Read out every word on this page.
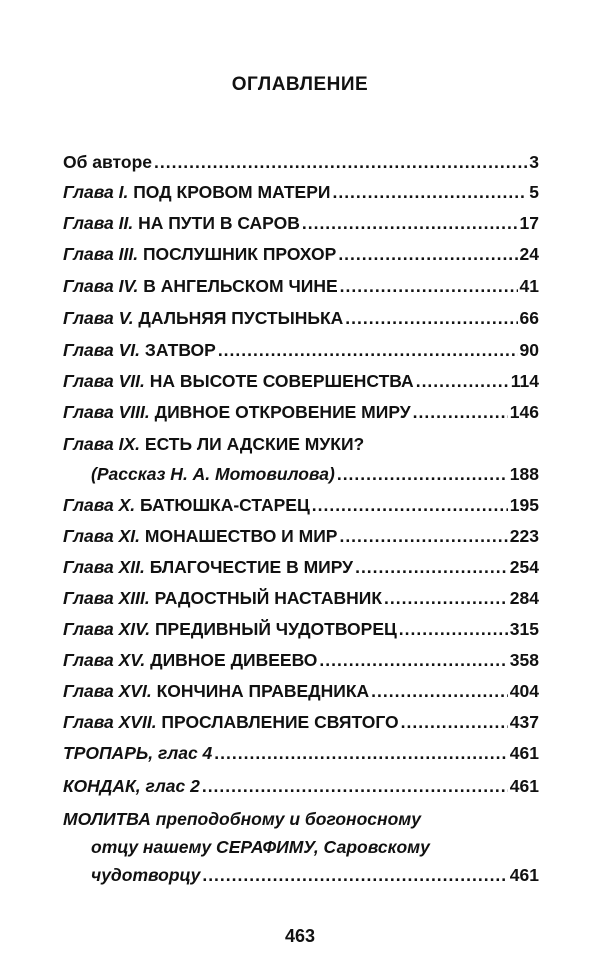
ОГЛАВЛЕНИЕ
Об авторе .....	3
Глава I. ПОД КРОВОМ МАТЕРИ .....	5
Глава II. НА ПУТИ В САРОВ .....	17
Глава III. ПОСЛУШНИК ПРОХОР .....	24
Глава IV. В АНГЕЛЬСКОМ ЧИНЕ .....	41
Глава V. ДАЛЬНЯЯ ПУСТЫНЬКА .....	66
Глава VI. ЗАТВОР .....	90
Глава VII. НА ВЫСОТЕ СОВЕРШЕНСТВА .....	114
Глава VIII. ДИВНОЕ ОТКРОВЕНИЕ МИРУ .....	146
Глава IX. ЕСТЬ ЛИ АДСКИЕ МУКИ?
(Рассказ Н. А. Мотовилова) .....	188
Глава X. БАТЮШКА-СТАРЕЦ .....	195
Глава XI. МОНАШЕСТВО И МИР .....	223
Глава XII. БЛАГОЧЕСТИЕ В МИРУ .....	254
Глава XIII. РАДОСТНЫЙ НАСТАВНИК .....	284
Глава XIV. ПРЕДИВНЫЙ ЧУДОТВОРЕЦ .....	315
Глава XV. ДИВНОЕ ДИВЕЕВО .....	358
Глава XVI. КОНЧИНА ПРАВЕДНИКА .....	404
Глава XVII. ПРОСЛАВЛЕНИЕ СВЯТОГО .....	437
ТРОПАРЬ, глас 4 .....	461
КОНДАК, глас 2 .....	461
МОЛИТВА преподобному и богоносному
отцу нашему СЕРАФИМУ, Саровскому
чудотворцу .....	461
463
